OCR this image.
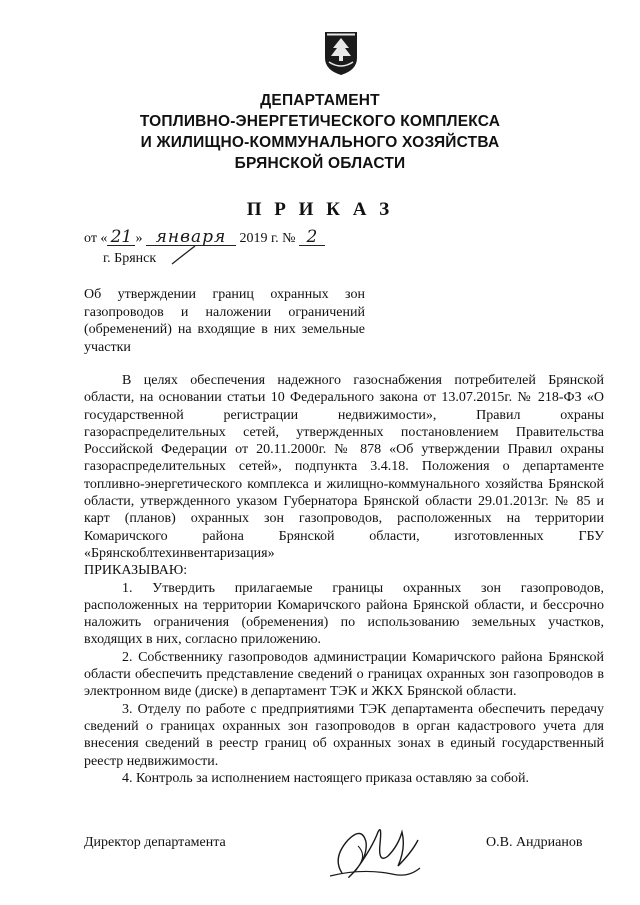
ДЕПАРТАМЕНТ
ТОПЛИВНО-ЭНЕРГЕТИЧЕСКОГО КОМПЛЕКСА
И ЖИЛИЩНО-КОММУНАЛЬНОГО ХОЗЯЙСТВА
БРЯНСКОЙ ОБЛАСТИ
П Р И К А З
от « 21 » января 2019 г. № 2
г. Брянск
Об утверждении границ охранных зон газопроводов и наложении ограничений (обременений) на входящие в них земельные участки

В целях обеспечения надежного газоснабжения потребителей Брянской области, на основании статьи 10 Федерального закона от 13.07.2015г. № 218-ФЗ «О государственной регистрации недвижимости», Правил охраны газораспределительных сетей, утвержденных постановлением Правительства Российской Федерации от 20.11.2000г. № 878 «Об утверждении Правил охраны газораспределительных сетей», подпункта 3.4.18. Положения о департаменте топливно-энергетического комплекса и жилищно-коммунального хозяйства Брянской области, утвержденного указом Губернатора Брянской области 29.01.2013г. № 85 и карт (планов) охранных зон газопроводов, расположенных на территории Комаричского района Брянской области, изготовленных ГБУ «Брянскоблтехинвентаризация»

ПРИКАЗЫВАЮ:

1. Утвердить прилагаемые границы охранных зон газопроводов, расположенных на территории Комаричского района Брянской области, и бессрочно наложить ограничения (обременения) по использованию земельных участков, входящих в них, согласно приложению.

2. Собственнику газопроводов администрации Комаричского района Брянской области обеспечить представление сведений о границах охранных зон газопроводов в электронном виде (диске) в департамент ТЭК и ЖКХ Брянской области.

3. Отделу по работе с предприятиями ТЭК департамента обеспечить передачу сведений о границах охранных зон газопроводов в орган кадастрового учета для внесения сведений в реестр границ об охранных зонах в единый государственный реестр недвижимости.

4. Контроль за исполнением настоящего приказа оставляю за собой.

Директор департамента	О.В. Андрианов
